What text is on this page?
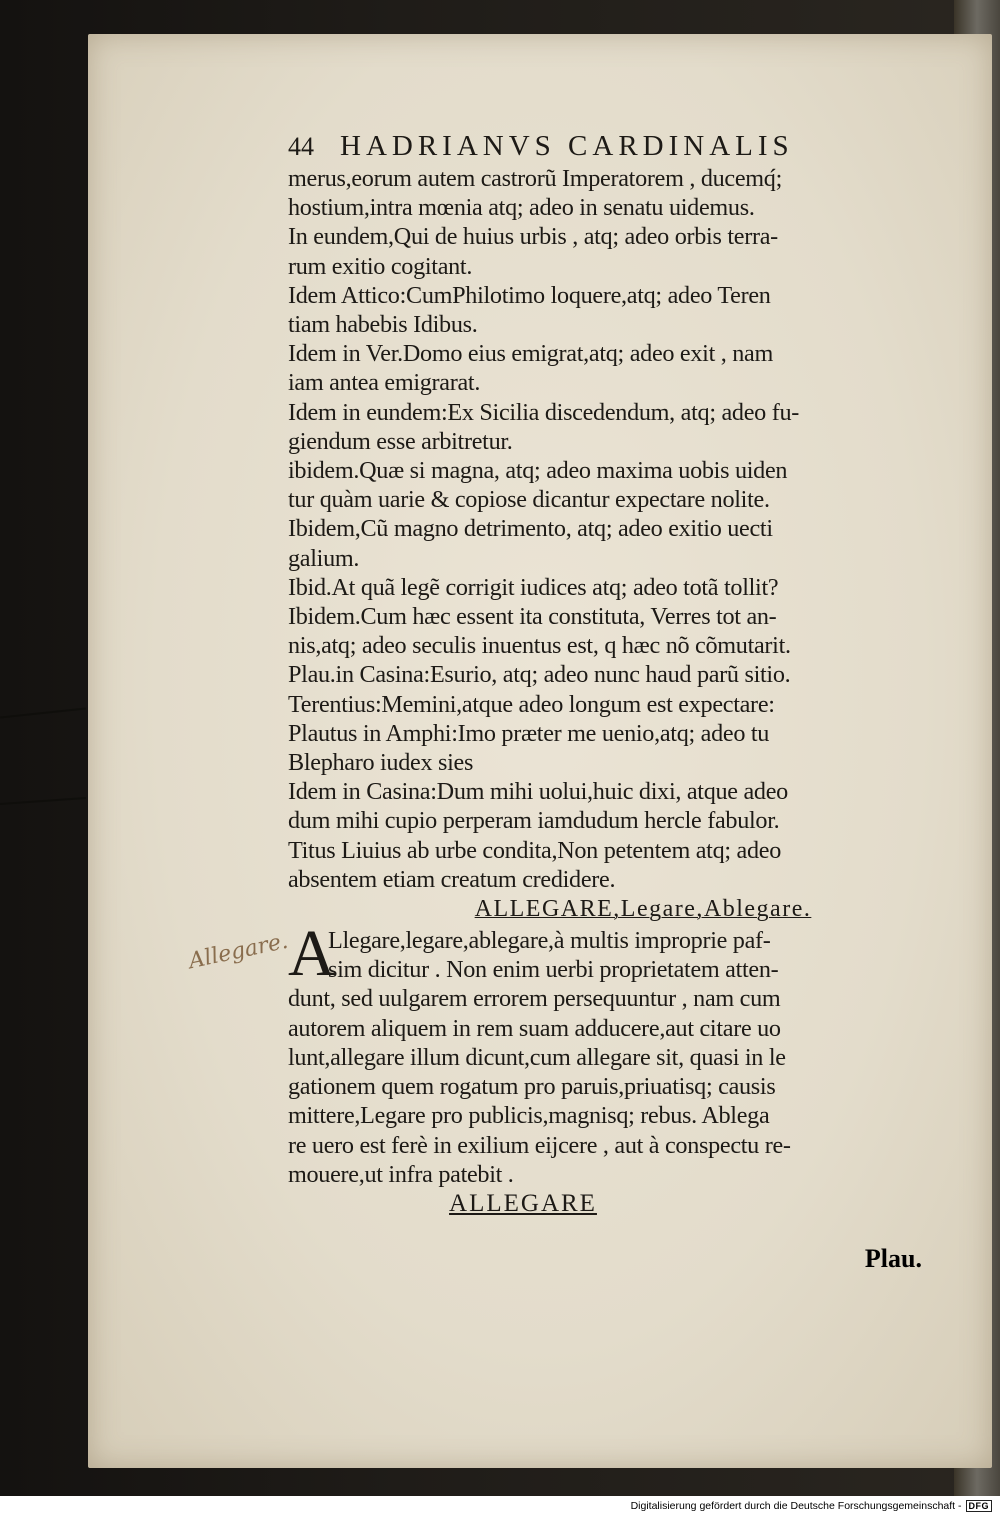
Allegare.
44 HADRIANVS CARDINALIS
merus,eorum autem castrorũ Imperatorem , ducemq́;
hostium,intra mœnia atq; adeo in senatu uidemus.
In eundem,Qui de huius urbis , atq; adeo orbis terra-
rum exitio cogitant.
Idem Attico:CumPhilotimo loquere,atq; adeo Teren
tiam habebis Idibus.
Idem in Ver.Domo eius emigrat,atq; adeo exit , nam
iam antea emigrarat.
Idem in eundem:Ex Sicilia discedendum, atq; adeo fu-
giendum esse arbitretur.
ibidem.Quæ si magna, atq; adeo maxima uobis uiden
tur quàm uarie & copiose dicantur expectare nolite.
Ibidem,Cũ magno detrimento, atq; adeo exitio uecti
galium.
Ibid.At quã legẽ corrigit iudices atq; adeo totã tollit?
Ibidem.Cum hæc essent ita constituta, Verres tot an-
nis,atq; adeo seculis inuentus est, q hæc nõ cõmutarit.
Plau.in Casina:Esurio, atq; adeo nunc haud parũ sitio.
Terentius:Memini,atque adeo longum est expectare:
Plautus in Amphi:Imo præter me uenio,atq; adeo tu
Blepharo iudex sies
Idem in Casina:Dum mihi uolui,huic dixi, atque adeo
dum mihi cupio perperam iamdudum hercle fabulor.
Titus Liuius ab urbe condita,Non petentem atq; adeo
absentem etiam creatum credidere.
ALLEGARE,Legare,Ablegare.
A
Llegare,legare,ablegare,à multis improprie paf-
sim dicitur . Non enim uerbi proprietatem atten-
dunt, sed uulgarem errorem persequuntur , nam cum
autorem aliquem in rem suam adducere,aut citare uo
lunt,allegare illum dicunt,cum allegare sit, quasi in le
gationem quem rogatum pro paruis,priuatisq; causis
mittere,Legare pro publicis,magnisq; rebus. Ablega
re uero est ferè in exilium eijcere , aut à conspectu re-
mouere,ut infra patebit .
ALLEGARE
Plau.
Digitalisierung gefördert durch die Deutsche Forschungsgemeinschaft - DFG
